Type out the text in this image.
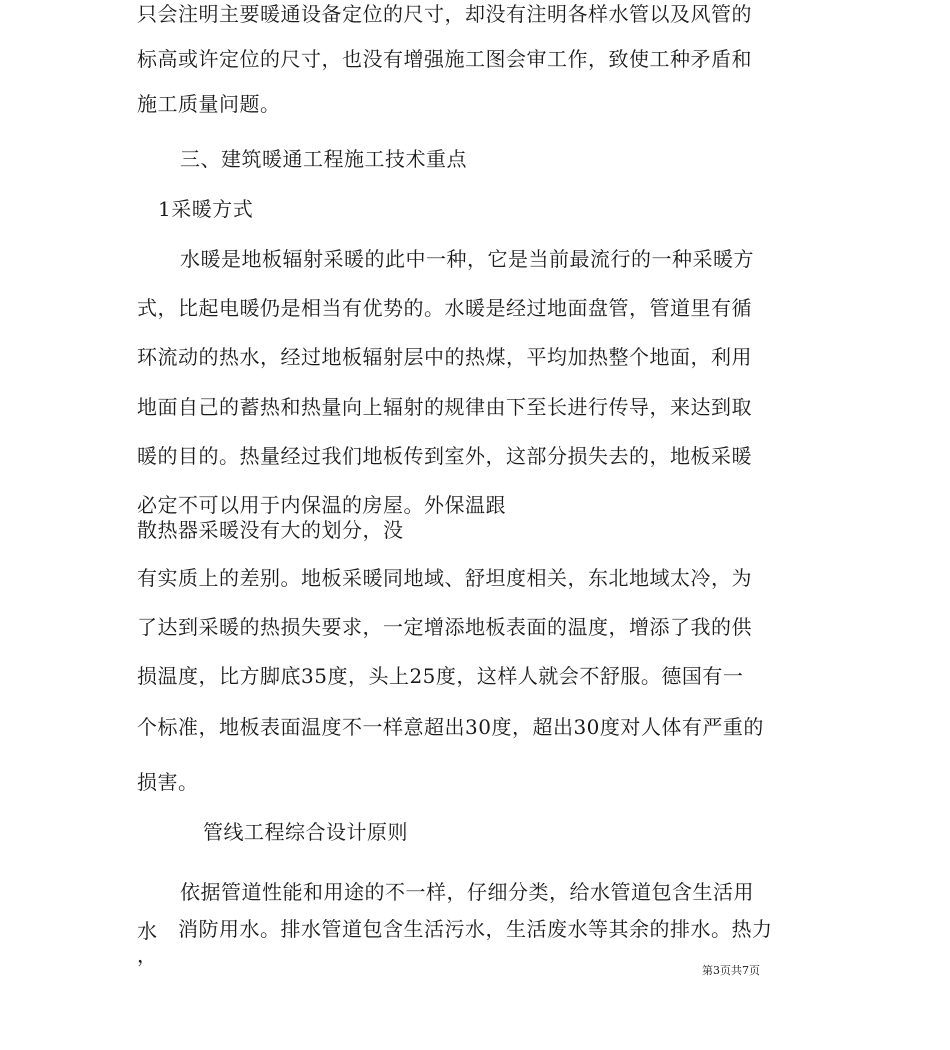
只会注明主要暖通设备定位的尺寸，却没有注明各样水管以及风管的
标高或许定位的尺寸，也没有增强施工图会审工作，致使工种矛盾和
施工质量问题。
三、建筑暖通工程施工技术重点
1采暖方式
水暖是地板辐射采暖的此中一种，它是当前最流行的一种采暖方
式，比起电暖仍是相当有优势的。水暖是经过地面盘管，管道里有循
环流动的热水，经过地板辐射层中的热煤，平均加热整个地面，利用
地面自己的蓄热和热量向上辐射的规律由下至长进行传导，来达到取
暖的目的。热量经过我们地板传到室外，这部分损失去的，地板采暖
必定不可以用于内保温的房屋。外保温跟
散热器采暖没有大的划分，没
有实质上的差别。地板采暖同地域、舒坦度相关，东北地域太冷，为
了达到采暖的热损失要求，一定增添地板表面的温度，增添了我的供
损温度，比方脚底35度，头上25度，这样人就会不舒服。德国有一
个标准，地板表面温度不一样意超出30度，超出30度对人体有严重的
损害。
管线工程综合设计原则
依据管道性能和用途的不一样，仔细分类，给水管道包含生活用
水 消防用水。排水管道包含生活污水，生活废水等其余的排水。热力
，
第3页共7页
